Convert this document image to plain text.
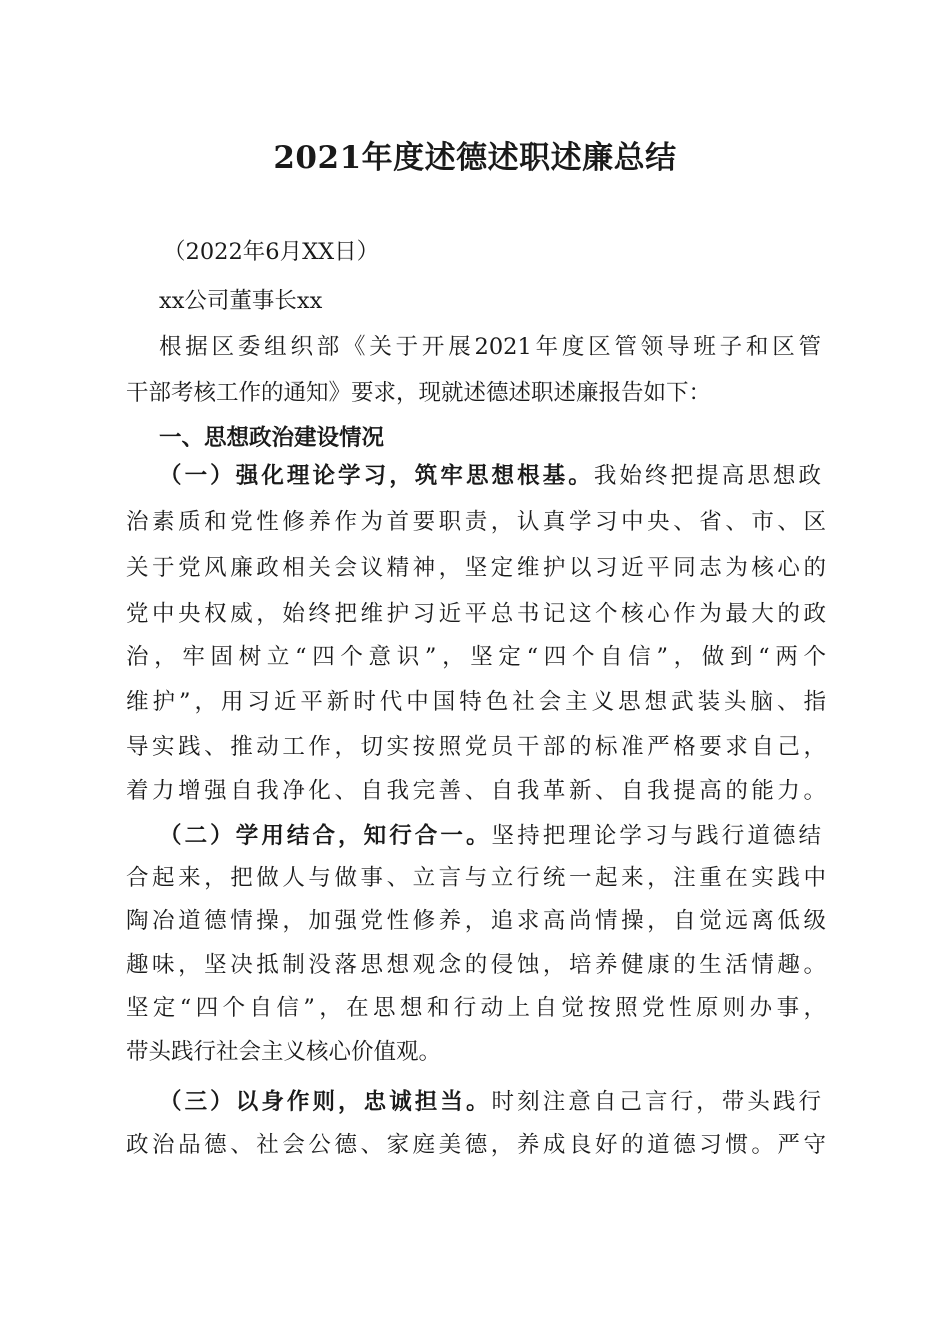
2021年度述德述职述廉总结
（2022年6月XX日）
xx公司董事长xx
根据区委组织部《关于开展2021年度区管领导班子和区管
干部考核工作的通知》要求，现就述德述职述廉报告如下：
一、思想政治建设情况
（一）强化理论学习，筑牢思想根基。我始终把提高思想政
治素质和党性修养作为首要职责，认真学习中央、省、市、区
关于党风廉政相关会议精神，坚定维护以习近平同志为核心的
党中央权威，始终把维护习近平总书记这个核心作为最大的政
治，牢固树立“四个意识”，坚定“四个自信”，做到“两个
维护”，用习近平新时代中国特色社会主义思想武装头脑、指
导实践、推动工作，切实按照党员干部的标准严格要求自己，
着力增强自我净化、自我完善、自我革新、自我提高的能力。
（二）学用结合，知行合一。坚持把理论学习与践行道德结
合起来，把做人与做事、立言与立行统一起来，注重在实践中
陶冶道德情操，加强党性修养，追求高尚情操，自觉远离低级
趣味，坚决抵制没落思想观念的侵蚀，培养健康的生活情趣。
坚定“四个自信”，在思想和行动上自觉按照党性原则办事，
带头践行社会主义核心价值观。
（三）以身作则，忠诚担当。时刻注意自己言行，带头践行
政治品德、社会公德、家庭美德，养成良好的道德习惯。严守
